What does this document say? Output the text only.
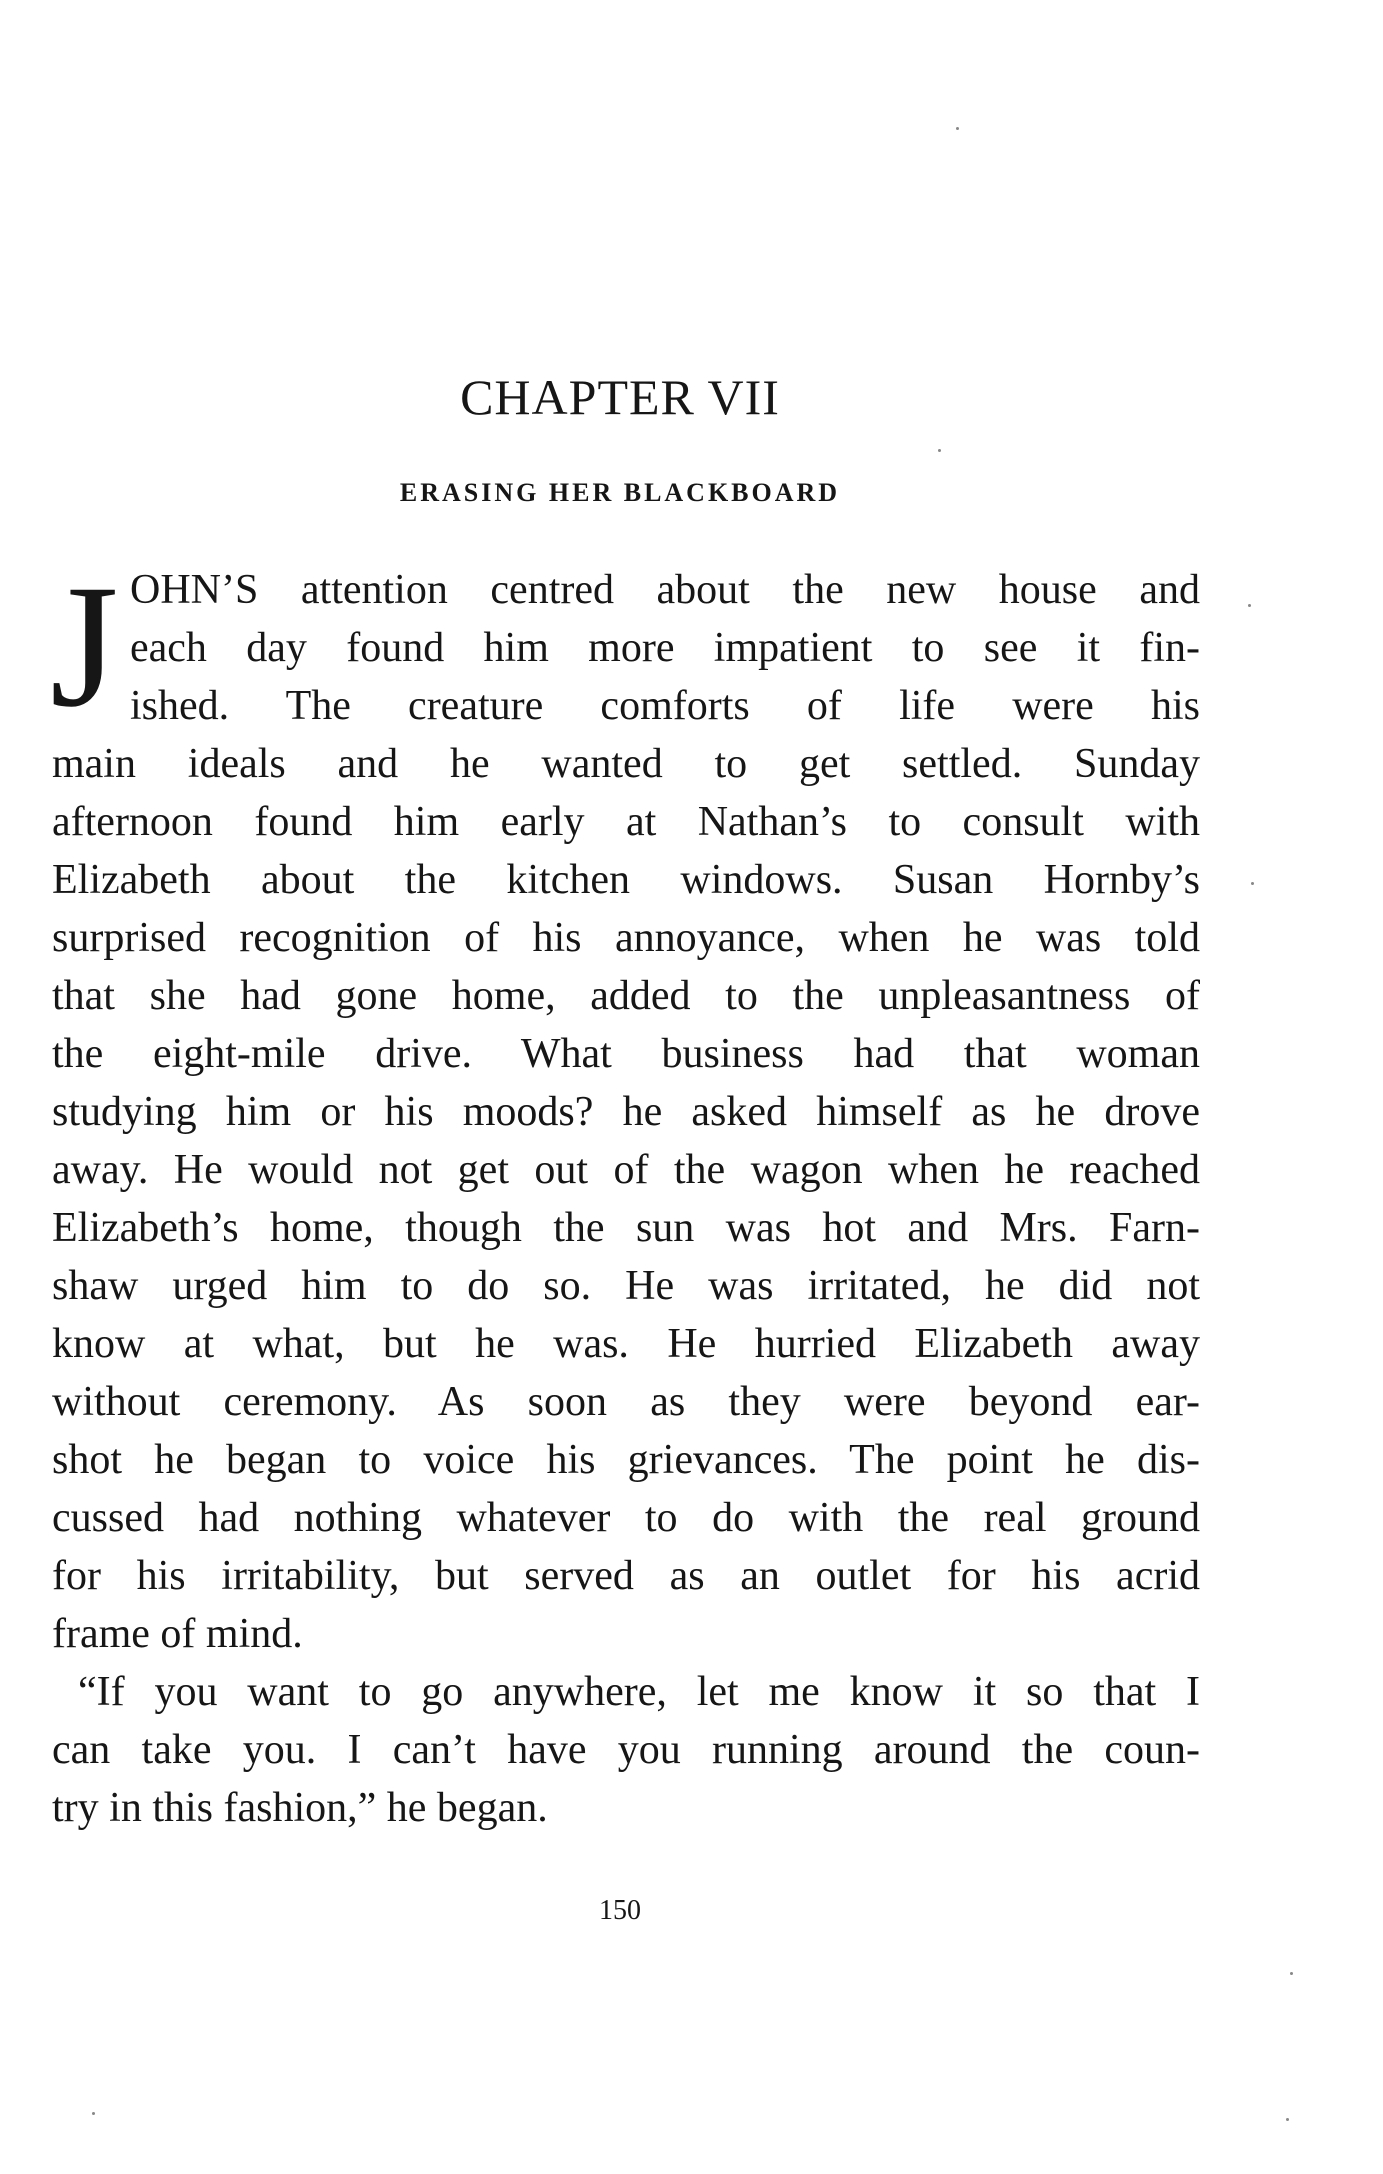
CHAPTER VII
ERASING HER BLACKBOARD
J OHN’S attention centred about the new house and
each day found him more impatient to see it fin-
ished. The creature comforts of life were his
main ideals and he wanted to get settled. Sunday
afternoon found him early at Nathan’s to consult with
Elizabeth about the kitchen windows. Susan Hornby’s
surprised recognition of his annoyance, when he was told
that she had gone home, added to the unpleasantness of
the eight-mile drive. What business had that woman
studying him or his moods? he asked himself as he drove
away. He would not get out of the wagon when he reached
Elizabeth’s home, though the sun was hot and Mrs. Farn-
shaw urged him to do so. He was irritated, he did not
know at what, but he was. He hurried Elizabeth away
without ceremony. As soon as they were beyond ear-
shot he began to voice his grievances. The point he dis-
cussed had nothing whatever to do with the real ground
for his irritability, but served as an outlet for his acrid
frame of mind.
“If you want to go anywhere, let me know it so that I
can take you. I can’t have you running around the coun-
try in this fashion,” he began.

150
